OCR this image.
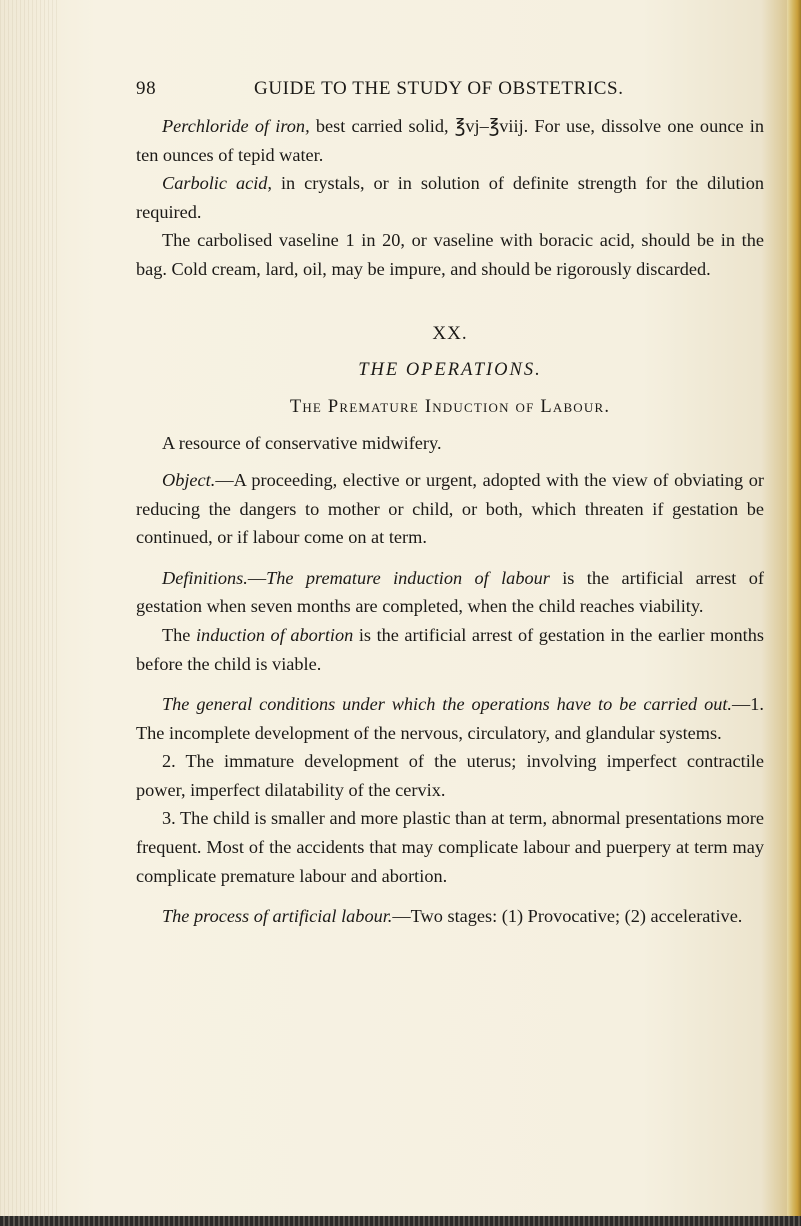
98	GUIDE TO THE STUDY OF OBSTETRICS.

Perchloride of iron, best carried solid, ℥vj–℥viij. For use, dissolve one ounce in ten ounces of tepid water.

Carbolic acid, in crystals, or in solution of definite strength for the dilution required.

The carbolised vaseline 1 in 20, or vaseline with boracic acid, should be in the bag. Cold cream, lard, oil, may be impure, and should be rigorously discarded.

XX.

THE OPERATIONS.

The Premature Induction of Labour.

A resource of conservative midwifery.

Object.—A proceeding, elective or urgent, adopted with the view of obviating or reducing the dangers to mother or child, or both, which threaten if gestation be continued, or if labour come on at term.

Definitions.—The premature induction of labour is the artificial arrest of gestation when seven months are completed, when the child reaches viability.

The induction of abortion is the artificial arrest of gestation in the earlier months before the child is viable.

The general conditions under which the operations have to be carried out.—1. The incomplete development of the nervous, circulatory, and glandular systems.

2. The immature development of the uterus; involving imperfect contractile power, imperfect dilatability of the cervix.

3. The child is smaller and more plastic than at term, abnormal presentations more frequent. Most of the accidents that may complicate labour and puerpery at term may complicate premature labour and abortion.

The process of artificial labour.—Two stages: (1) Provocative; (2) accelerative.
